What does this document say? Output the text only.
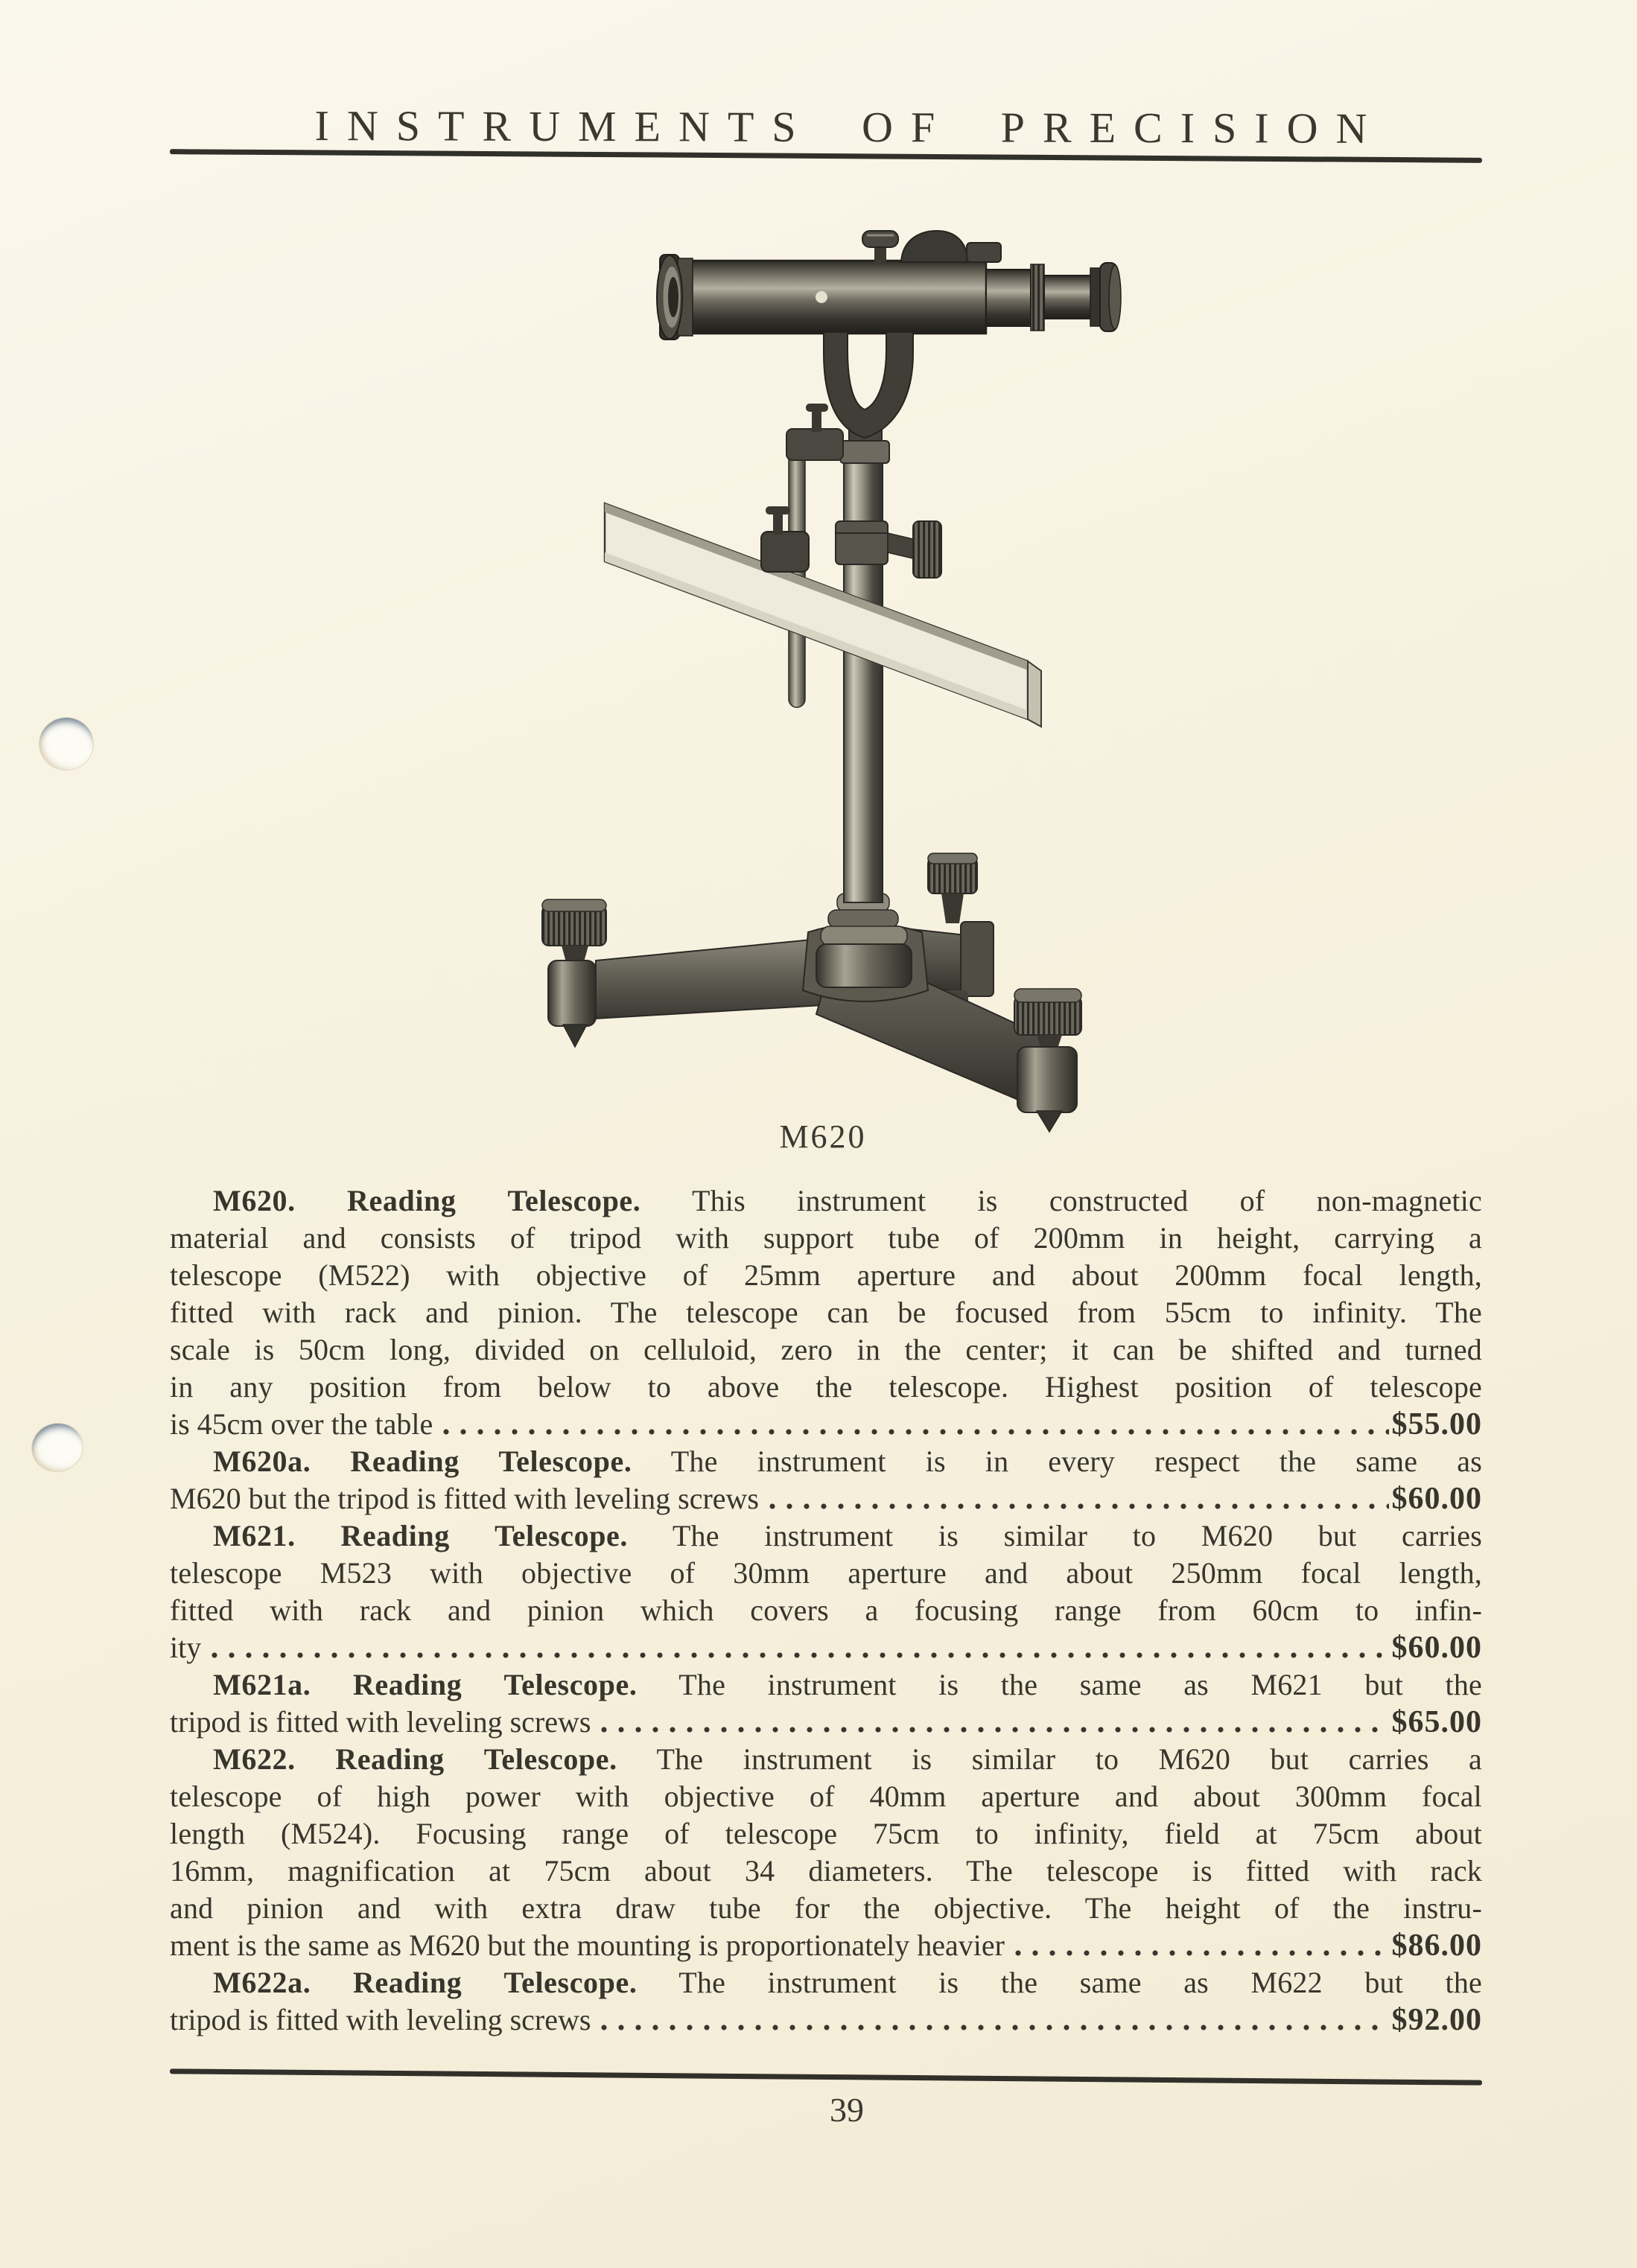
INSTRUMENTS OF PRECISION
M620
M620. Reading Telescope. This instrument is constructed of non-magnetic
material and consists of tripod with support tube of 200mm in height, carrying a
telescope (M522) with objective of 25mm aperture and about 200mm focal length,
fitted with rack and pinion. The telescope can be focused from 55cm to infinity. The
scale is 50cm long, divided on celluloid, zero in the center; it can be shifted and turned
in any position from below to above the telescope. Highest position of telescope
is 45cm over the table	$55.00
M620a. Reading Telescope. The instrument is in every respect the same as
M620 but the tripod is fitted with leveling screws	$60.00
M621. Reading Telescope. The instrument is similar to M620 but carries
telescope M523 with objective of 30mm aperture and about 250mm focal length,
fitted with rack and pinion which covers a focusing range from 60cm to infin-
ity	$60.00
M621a. Reading Telescope. The instrument is the same as M621 but the
tripod is fitted with leveling screws	$65.00
M622. Reading Telescope. The instrument is similar to M620 but carries a
telescope of high power with objective of 40mm aperture and about 300mm focal
length (M524). Focusing range of telescope 75cm to infinity, field at 75cm about
16mm, magnification at 75cm about 34 diameters. The telescope is fitted with rack
and pinion and with extra draw tube for the objective. The height of the instru-
ment is the same as M620 but the mounting is proportionately heavier	$86.00
M622a. Reading Telescope. The instrument is the same as M622 but the
tripod is fitted with leveling screws	$92.00
39
